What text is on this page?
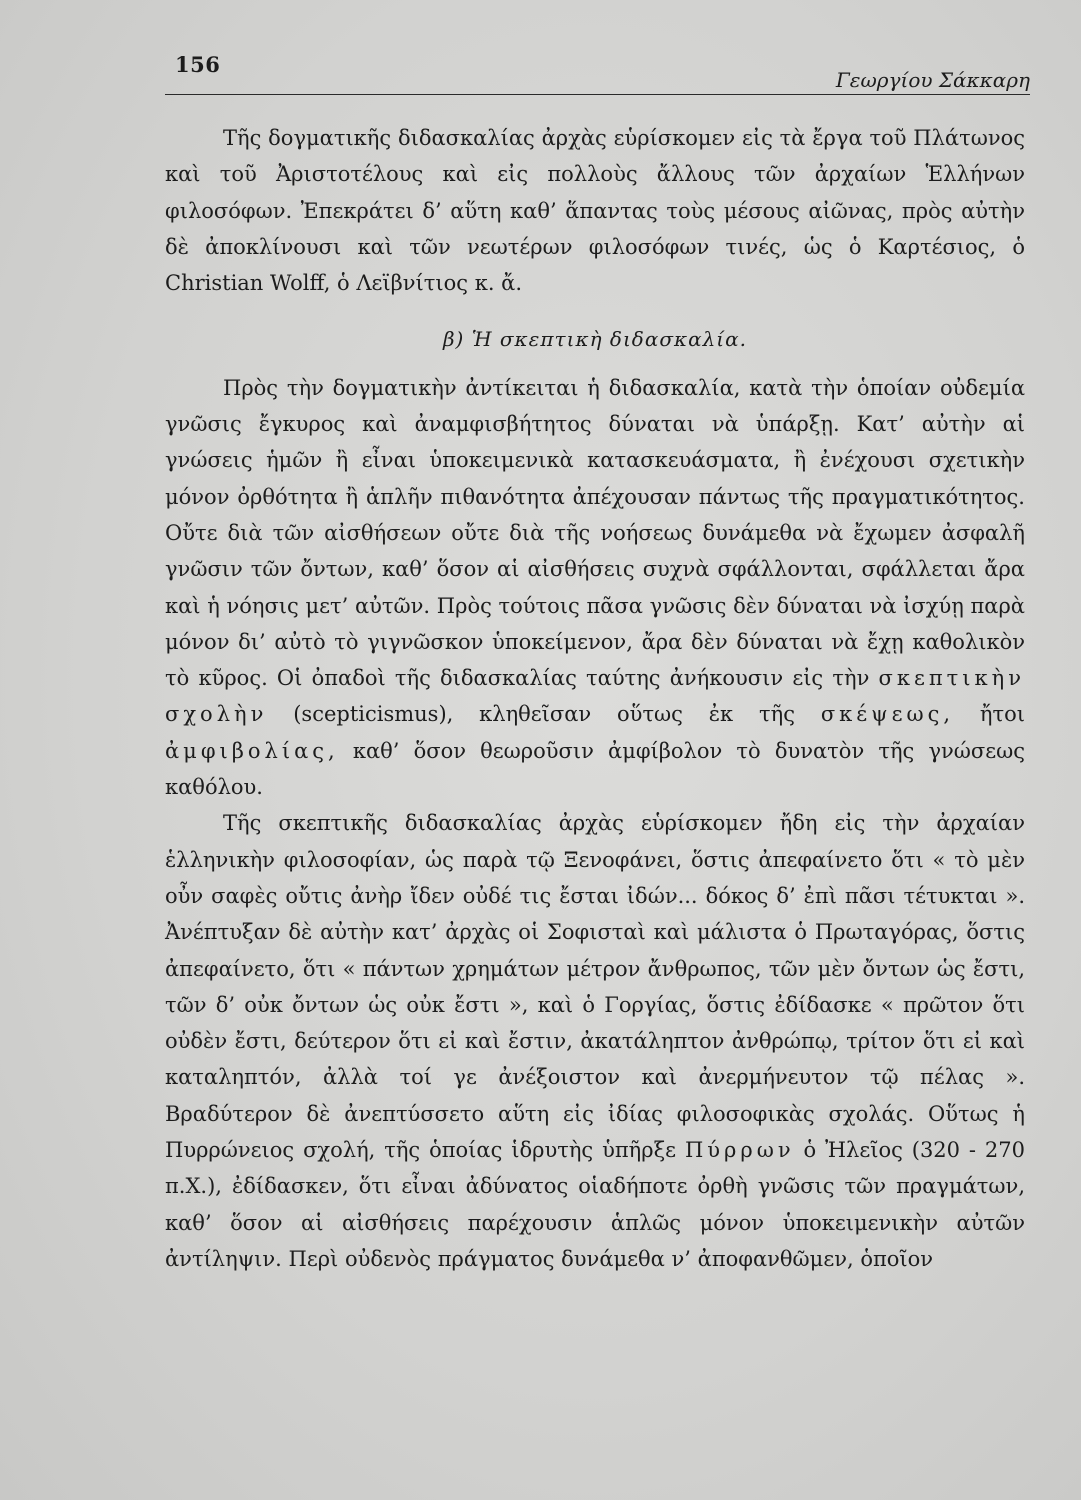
156
Γεωργίου Σάκκαρη

Τῆς δογματικῆς διδασκαλίας ἀρχὰς εὑρίσκομεν εἰς τὰ ἔργα τοῦ Πλάτωνος καὶ τοῦ Ἀριστοτέλους καὶ εἰς πολλοὺς ἄλλους τῶν ἀρχαίων Ἑλλήνων φιλοσόφων. Ἐπεκράτει δ’ αὕτη καθ’ ἅπαντας τοὺς μέσους αἰῶνας, πρὸς αὐτὴν δὲ ἀποκλίνουσι καὶ τῶν νεωτέρων φιλοσόφων τινές, ὡς ὁ Καρτέσιος, ὁ Christian Wolff, ὁ Λεϊβνίτιος κ. ἄ.

β) Ἡ σκεπτικὴ διδασκαλία.

Πρὸς τὴν δογματικὴν ἀντίκειται ἡ διδασκαλία, κατὰ τὴν ὁποίαν οὐδεμία γνῶσις ἔγκυρος καὶ ἀναμφισβήτητος δύναται νὰ ὑπάρξῃ. Κατ’ αὐτὴν αἱ γνώσεις ἡμῶν ἢ εἶναι ὑποκειμενικὰ κατασκευάσματα, ἢ ἐνέχουσι σχετικὴν μόνον ὀρθότητα ἢ ἁπλῆν πιθανότητα ἀπέχουσαν πάντως τῆς πραγματικότητος. Οὔτε διὰ τῶν αἰσθήσεων οὔτε διὰ τῆς νοήσεως δυνάμεθα νὰ ἔχωμεν ἀσφαλῆ γνῶσιν τῶν ὄντων, καθ’ ὅσον αἱ αἰσθήσεις συχνὰ σφάλλονται, σφάλλεται ἄρα καὶ ἡ νόησις μετ’ αὐτῶν. Πρὸς τούτοις πᾶσα γνῶσις δὲν δύναται νὰ ἰσχύῃ παρὰ μόνον δι’ αὐτὸ τὸ γιγνῶσκον ὑποκείμενον, ἄρα δὲν δύναται νὰ ἔχῃ καθολικὸν τὸ κῦρος. Οἱ ὀπαδοὶ τῆς διδασκαλίας ταύτης ἀνήκουσιν εἰς τὴν σκεπτικὴν σχολὴν (scepticismus), κληθεῖσαν οὕτως ἐκ τῆς σκέψεως, ἤτοι ἀμφιβολίας, καθ’ ὅσον θεωροῦσιν ἀμφίβολον τὸ δυνατὸν τῆς γνώσεως καθόλου.

Τῆς σκεπτικῆς διδασκαλίας ἀρχὰς εὑρίσκομεν ἤδη εἰς τὴν ἀρχαίαν ἑλληνικὴν φιλοσοφίαν, ὡς παρὰ τῷ Ξενοφάνει, ὅστις ἀπεφαίνετο ὅτι « τὸ μὲν οὖν σαφὲς οὔτις ἀνὴρ ἴδεν οὐδέ τις ἔσται ἰδών... δόκος δ’ ἐπὶ πᾶσι τέτυκται ». Ἀνέπτυξαν δὲ αὐτὴν κατ’ ἀρχὰς οἱ Σοφισταὶ καὶ μάλιστα ὁ Πρωταγόρας, ὅστις ἀπεφαίνετο, ὅτι « πάντων χρημάτων μέτρον ἄνθρωπος, τῶν μὲν ὄντων ὡς ἔστι, τῶν δ’ οὐκ ὄντων ὡς οὐκ ἔστι », καὶ ὁ Γοργίας, ὅστις ἐδίδασκε « πρῶτον ὅτι οὐδὲν ἔστι, δεύτερον ὅτι εἰ καὶ ἔστιν, ἀκατάληπτον ἀνθρώπῳ, τρίτον ὅτι εἰ καὶ καταληπτόν, ἀλλὰ τοί γε ἀνέξοιστον καὶ ἀνερμήνευτον τῷ πέλας ». Βραδύτερον δὲ ἀνεπτύσσετο αὕτη εἰς ἰδίας φιλοσοφικὰς σχολάς. Οὕτως ἡ Πυρρώνειος σχολή, τῆς ὁποίας ἱδρυτὴς ὑπῆρξε Πύρρων ὁ Ἠλεῖος (320 - 270 π.Χ.), ἐδίδασκεν, ὅτι εἶναι ἀδύνατος οἱαδήποτε ὀρθὴ γνῶσις τῶν πραγμάτων, καθ’ ὅσον αἱ αἰσθήσεις παρέχουσιν ἁπλῶς μόνον ὑποκειμενικὴν αὐτῶν ἀντίληψιν. Περὶ οὐδενὸς πράγματος δυνάμεθα ν’ ἀποφανθῶμεν, ὁποῖον
